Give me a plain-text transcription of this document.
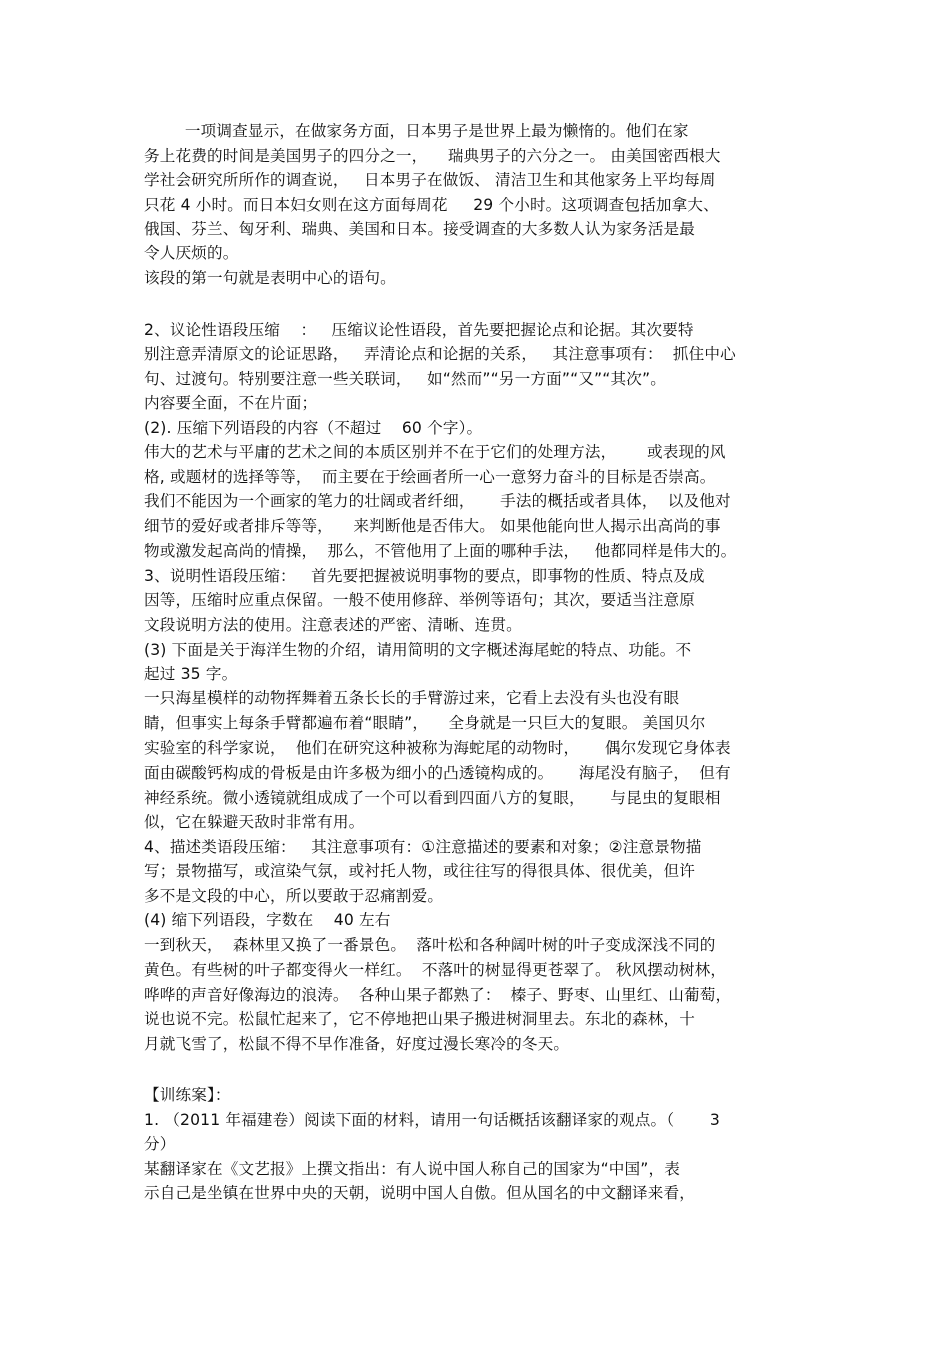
一项调查显示，在做家务方面，日本男子是世界上最为懒惰的。他们在家
务上花费的时间是美国男子的四分之一，    瑞典男子的六分之一。 由美国密西根大
学社会研究所所作的调查说，   日本男子在做饭、 清洁卫生和其他家务上平均每周
只花 4 小时。而日本妇女则在这方面每周花     29 个小时。这项调查包括加拿大、
俄国、芬兰、匈牙利、瑞典、美国和日本。接受调查的大多数人认为家务活是最
令人厌烦的。
该段的第一句就是表明中心的语句。
2、议论性语段压缩    ：   压缩议论性语段，首先要把握论点和论据。其次要特
别注意弄清原文的论证思路，   弄清论点和论据的关系，   其注意事项有：  抓住中心
句、过渡句。特别要注意一些关联词，   如“然而”“另一方面”“又”“其次”。
内容要全面，不在片面；
(2). 压缩下列语段的内容（不超过    60 个字）。
伟大的艺术与平庸的艺术之间的本质区别并不在于它们的处理方法，      或表现的风
格, 或题材的选择等等，  而主要在于绘画者所一心一意努力奋斗的目标是否崇高。
我们不能因为一个画家的笔力的壮阔或者纤细，     手法的概括或者具体，  以及他对
细节的爱好或者排斥等等，    来判断他是否伟大。 如果他能向世人揭示出高尚的事
物或激发起高尚的情操，  那么，不管他用了上面的哪种手法，   他都同样是伟大的。
3、说明性语段压缩：   首先要把握被说明事物的要点，即事物的性质、特点及成
因等，压缩时应重点保留。一般不使用修辞、举例等语句；其次，要适当注意原
文段说明方法的使用。注意表述的严密、清晰、连贯。
(3) 下面是关于海洋生物的介绍，请用简明的文字概述海尾蛇的特点、功能。不
起过 35 字。
一只海星模样的动物挥舞着五条长长的手臂游过来，它看上去没有头也没有眼
睛，但事实上每条手臂都遍布着“眼睛”，    全身就是一只巨大的复眼。 美国贝尔
实验室的科学家说，  他们在研究这种被称为海蛇尾的动物时，     偶尔发现它身体表
面由碳酸钙构成的骨板是由许多极为细小的凸透镜构成的。     海尾没有脑子，  但有
神经系统。微小透镜就组成成了一个可以看到四面八方的复眼，     与昆虫的复眼相
似，它在躲避天敌时非常有用。
4、描述类语段压缩：   其注意事项有：①注意描述的要素和对象；②注意景物描
写；景物描写，或渲染气氛，或衬托人物，或往往写的得很具体、很优美，但许
多不是文段的中心，所以要敢于忍痛割爱。
(4) 缩下列语段，字数在    40 左右
一到秋天，  森林里又换了一番景色。  落叶松和各种阔叶树的叶子变成深浅不同的
黄色。有些树的叶子都变得火一样红。  不落叶的树显得更苍翠了。 秋风摆动树林，
哗哗的声音好像海边的浪涛。  各种山果子都熟了：  榛子、野枣、山里红、山葡萄，
说也说不完。松鼠忙起来了，它不停地把山果子搬进树洞里去。东北的森林，十
月就飞雪了，松鼠不得不早作准备，好度过漫长寒冷的冬天。
【训练案】：
1. （2011 年福建卷）阅读下面的材料，请用一句话概括该翻译家的观点。（       3
分）
某翻译家在《文艺报》上撰文指出：有人说中国人称自己的国家为“中国”，表
示自己是坐镇在世界中央的天朝，说明中国人自傲。但从国名的中文翻译来看，
